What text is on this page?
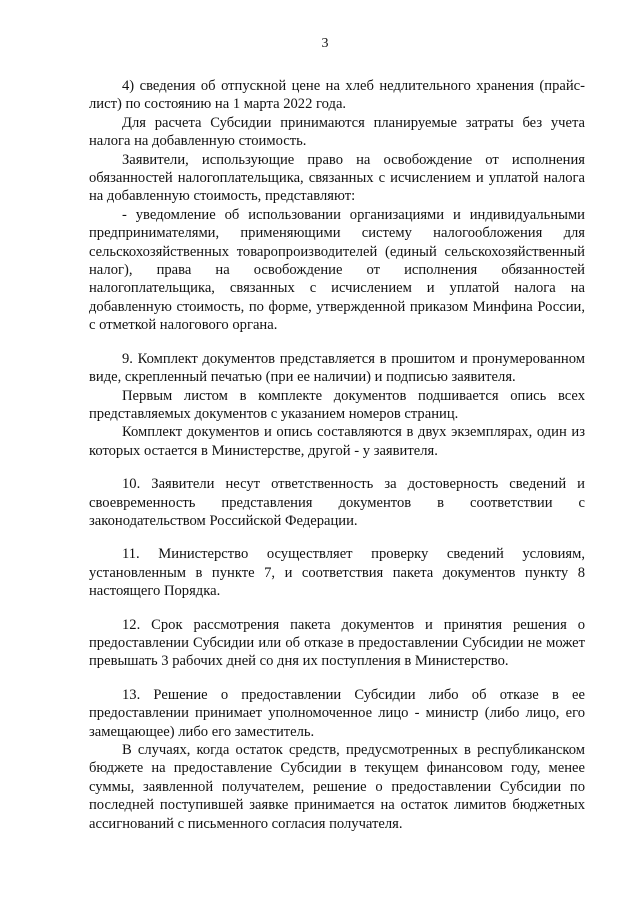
3

4) сведения об отпускной цене на хлеб недлительного хранения (прайс-лист) по состоянию на 1 марта 2022 года.

Для расчета Субсидии принимаются планируемые затраты без учета налога на добавленную стоимость.

Заявители, использующие право на освобождение от исполнения обязанностей налогоплательщика, связанных с исчислением и уплатой налога на добавленную стоимость, представляют:

- уведомление об использовании организациями и индивидуальными предпринимателями, применяющими систему налогообложения для сельскохозяйственных товаропроизводителей (единый сельскохозяйственный налог), права на освобождение от исполнения обязанностей налогоплательщика, связанных с исчислением и уплатой налога на добавленную стоимость, по форме, утвержденной приказом Минфина России, с отметкой налогового органа.

9. Комплект документов представляется в прошитом и пронумерованном виде, скрепленный печатью (при ее наличии) и подписью заявителя.

Первым листом в комплекте документов подшивается опись всех представляемых документов с указанием номеров страниц.

Комплект документов и опись составляются в двух экземплярах, один из которых остается в Министерстве, другой - у заявителя.

10. Заявители несут ответственность за достоверность сведений и своевременность представления документов в соответствии с законодательством Российской Федерации.

11. Министерство осуществляет проверку сведений условиям, установленным в пункте 7, и соответствия пакета документов пункту 8 настоящего Порядка.

12. Срок рассмотрения пакета документов и принятия решения о предоставлении Субсидии или об отказе в предоставлении Субсидии не может превышать 3 рабочих дней со дня их поступления в Министерство.

13. Решение о предоставлении Субсидии либо об отказе в ее предоставлении принимает уполномоченное лицо - министр (либо лицо, его замещающее) либо его заместитель.

В случаях, когда остаток средств, предусмотренных в республиканском бюджете на предоставление Субсидии в текущем финансовом году, менее суммы, заявленной получателем, решение о предоставлении Субсидии по последней поступившей заявке принимается на остаток лимитов бюджетных ассигнований с письменного согласия получателя.
